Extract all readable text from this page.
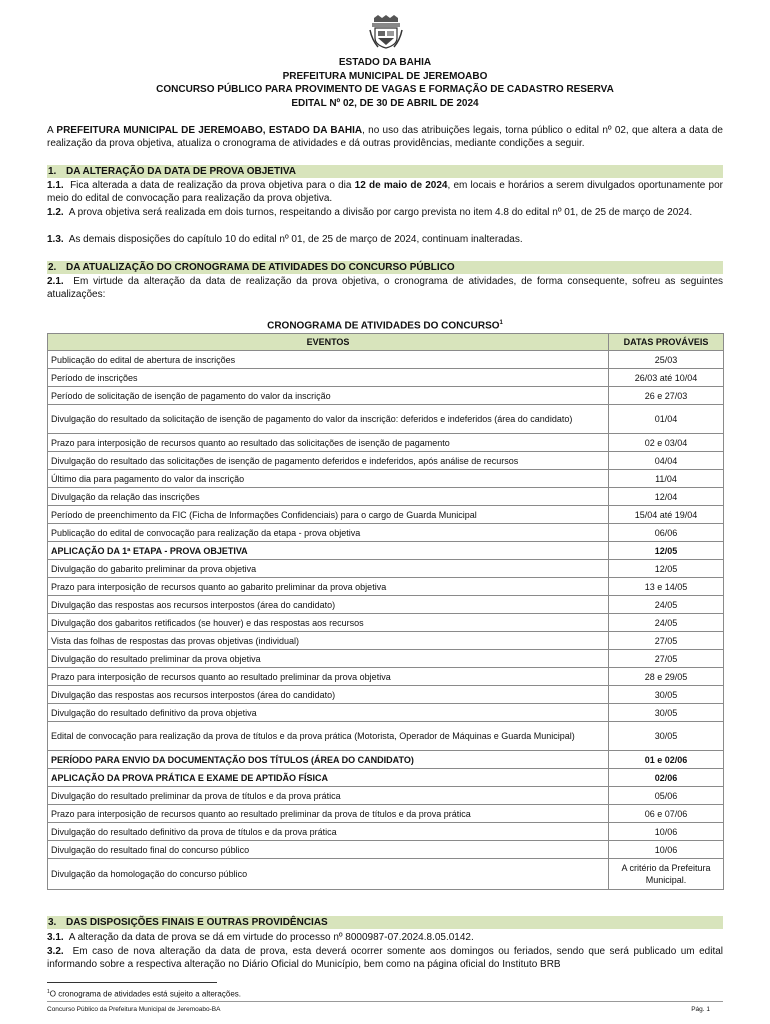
ESTADO DA BAHIA
PREFEITURA MUNICIPAL DE JEREMOABO
CONCURSO PÚBLICO PARA PROVIMENTO DE VAGAS E FORMAÇÃO DE CADASTRO RESERVA
EDITAL Nº 02, DE 30 DE ABRIL DE 2024
A PREFEITURA MUNICIPAL DE JEREMOABO, ESTADO DA BAHIA, no uso das atribuições legais, torna público o edital nº 02, que altera a data de realização da prova objetiva, atualiza o cronograma de atividades e dá outras providências, mediante condições a seguir.
1. DA ALTERAÇÃO DA DATA DE PROVA OBJETIVA
1.1. Fica alterada a data de realização da prova objetiva para o dia 12 de maio de 2024, em locais e horários a serem divulgados oportunamente por meio do edital de convocação para realização da prova objetiva.
1.2. A prova objetiva será realizada em dois turnos, respeitando a divisão por cargo prevista no item 4.8 do edital nº 01, de 25 de março de 2024.
1.3. As demais disposições do capítulo 10 do edital nº 01, de 25 de março de 2024, continuam inalteradas.
2. DA ATUALIZAÇÃO DO CRONOGRAMA DE ATIVIDADES DO CONCURSO PÚBLICO
2.1. Em virtude da alteração da data de realização da prova objetiva, o cronograma de atividades, de forma consequente, sofreu as seguintes atualizações:
CRONOGRAMA DE ATIVIDADES DO CONCURSO$^1$
EVENTOS	DATAS PROVÁVEIS
Publicação do edital de abertura de inscrições	25/03
Período de inscrições	26/03 até 10/04
Período de solicitação de isenção de pagamento do valor da inscrição	26 e 27/03
Divulgação do resultado da solicitação de isenção de pagamento do valor da inscrição: deferidos e indeferidos (área do candidato)	01/04
Prazo para interposição de recursos quanto ao resultado das solicitações de isenção de pagamento	02 e 03/04
Divulgação do resultado das solicitações de isenção de pagamento deferidos e indeferidos, após análise de recursos	04/04
Último dia para pagamento do valor da inscrição	11/04
Divulgação da relação das inscrições	12/04
Período de preenchimento da FIC (Ficha de Informações Confidenciais) para o cargo de Guarda Municipal	15/04 até 19/04
Publicação do edital de convocação para realização da etapa - prova objetiva	06/06
APLICAÇÃO DA 1ª ETAPA - PROVA OBJETIVA	12/05
Divulgação do gabarito preliminar da prova objetiva	12/05
Prazo para interposição de recursos quanto ao gabarito preliminar da prova objetiva	13 e 14/05
Divulgação das respostas aos recursos interpostos (área do candidato)	24/05
Divulgação dos gabaritos retificados (se houver) e das respostas aos recursos	24/05
Vista das folhas de respostas das provas objetivas (individual)	27/05
Divulgação do resultado preliminar da prova objetiva	27/05
Prazo para interposição de recursos quanto ao resultado preliminar da prova objetiva	28 e 29/05
Divulgação das respostas aos recursos interpostos (área do candidato)	30/05
Divulgação do resultado definitivo da prova objetiva	30/05
Edital de convocação para realização da prova de títulos e da prova prática (Motorista, Operador de Máquinas e Guarda Municipal)	30/05
PERÍODO PARA ENVIO DA DOCUMENTAÇÃO DOS TÍTULOS (ÁREA DO CANDIDATO)	01 e 02/06
APLICAÇÃO DA PROVA PRÁTICA E EXAME DE APTIDÃO FÍSICA	02/06
Divulgação do resultado preliminar da prova de títulos e da prova prática	05/06
Prazo para interposição de recursos quanto ao resultado preliminar da prova de títulos e da prova prática	06 e 07/06
Divulgação do resultado definitivo da prova de títulos e da prova prática	10/06
Divulgação do resultado final do concurso público	10/06
Divulgação da homologação do concurso público	A critério da Prefeitura Municipal.
3. DAS DISPOSIÇÕES FINAIS E OUTRAS PROVIDÊNCIAS
3.1. A alteração da data de prova se dá em virtude do processo nº 8000987-07.2024.8.05.0142.
3.2. Em caso de nova alteração da data de prova, esta deverá ocorrer somente aos domingos ou feriados, sendo que será publicado um edital informando sobre a respectiva alteração no Diário Oficial do Município, bem como na página oficial do Instituto BRB
$^1$O cronograma de atividades está sujeito a alterações.
Concurso Público da Prefeitura Municipal de Jeremoabo-BA	Pág. 1
